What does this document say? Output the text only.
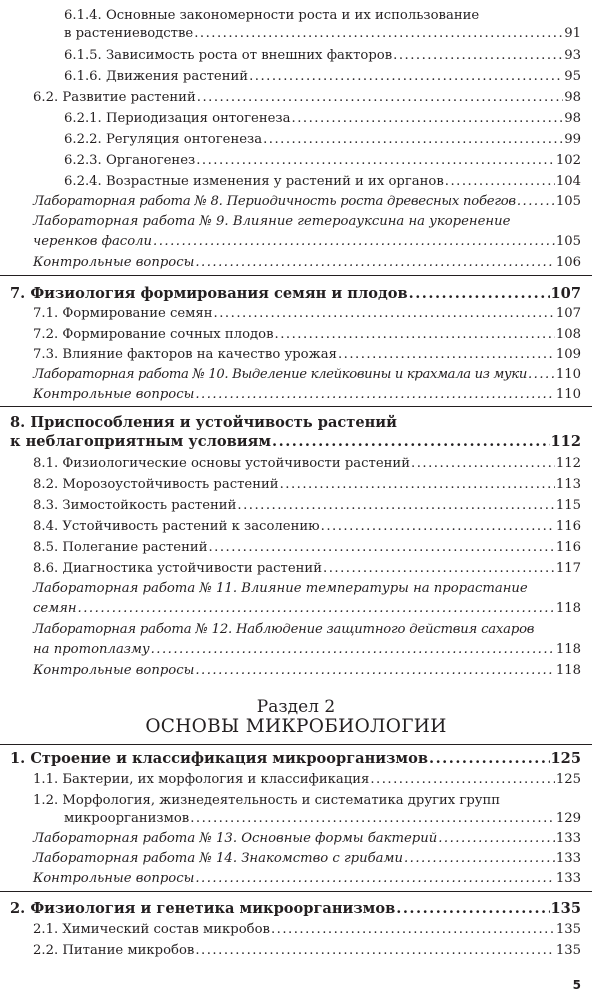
6.1.4. Основные закономерности роста и их использование
в растениеводстве .....	91
6.1.5. Зависимость роста от внешних факторов .....	93
6.1.6. Движения растений .....	95
6.2. Развитие растений .....	98
6.2.1. Периодизация онтогенеза .....	98
6.2.2. Регуляция онтогенеза .....	99
6.2.3. Органогенез .....	102
6.2.4. Возрастные изменения у растений и их органов .....	104
Лабораторная работа № 8. Периодичность роста древесных побегов .....	105
Лабораторная работа № 9. Влияние гетероауксина на укоренение
черенков фасоли .....	105
Контрольные вопросы .....	106
7. Физиология формирования семян и плодов .....	107
7.1. Формирование семян .....	107
7.2. Формирование сочных плодов .....	108
7.3. Влияние факторов на качество урожая .....	109
Лабораторная работа № 10. Выделение клейковины и крахмала из муки ..... 110
Контрольные вопросы .....	110
8. Приспособления и устойчивость растений
к неблагоприятным условиям .....	112
8.1. Физиологические основы устойчивости растений .....	112
8.2. Морозоустойчивость растений .....	113
8.3. Зимостойкость растений .....	115
8.4. Устойчивость растений к засолению .....	116
8.5. Полегание растений .....	116
8.6. Диагностика устойчивости растений .....	117
Лабораторная работа № 11. Влияние температуры на прорастание
семян .....	118
Лабораторная работа № 12. Наблюдение защитного действия сахаров
на протоплазму .....	118
Контрольные вопросы .....	118
Раздел 2
ОСНОВЫ МИКРОБИОЛОГИИ
1. Строение и классификация микроорганизмов .....	125
1.1. Бактерии, их морфология и классификация .....	125
1.2. Морфология, жизнедеятельность и систематика других групп
микроорганизмов .....	129
Лабораторная работа № 13. Основные формы бактерий .....	133
Лабораторная работа № 14. Знакомство с грибами .....	133
Контрольные вопросы .....	133
2. Физиология и генетика микроорганизмов .....	135
2.1. Химический состав микробов .....	135
2.2. Питание микробов .....	135
5
